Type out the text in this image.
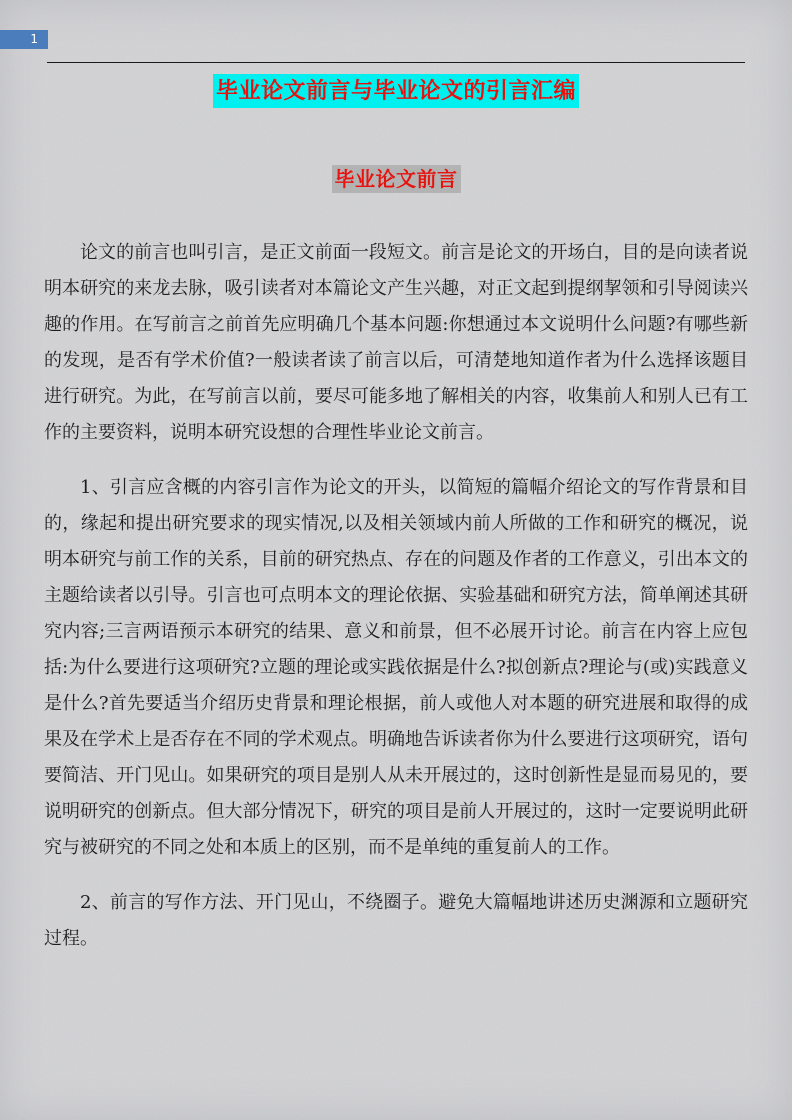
1
毕业论文前言与毕业论文的引言汇编
毕业论文前言

论文的前言也叫引言，是正文前面一段短文。前言是论文的开场白，目的是向读者说明本研究的来龙去脉，吸引读者对本篇论文产生兴趣，对正文起到提纲挈领和引导阅读兴趣的作用。在写前言之前首先应明确几个基本问题:你想通过本文说明什么问题?有哪些新的发现，是否有学术价值?一般读者读了前言以后，可清楚地知道作者为什么选择该题目进行研究。为此，在写前言以前，要尽可能多地了解相关的内容，收集前人和别人已有工作的主要资料，说明本研究设想的合理性毕业论文前言。

1、引言应含概的内容引言作为论文的开头，以简短的篇幅介绍论文的写作背景和目的，缘起和提出研究要求的现实情况,以及相关领域内前人所做的工作和研究的概况，说明本研究与前工作的关系，目前的研究热点、存在的问题及作者的工作意义，引出本文的主题给读者以引导。引言也可点明本文的理论依据、实验基础和研究方法，简单阐述其研究内容;三言两语预示本研究的结果、意义和前景，但不必展开讨论。前言在内容上应包括:为什么要进行这项研究?立题的理论或实践依据是什么?拟创新点?理论与(或)实践意义是什么?首先要适当介绍历史背景和理论根据，前人或他人对本题的研究进展和取得的成果及在学术上是否存在不同的学术观点。明确地告诉读者你为什么要进行这项研究，语句要简洁、开门见山。如果研究的项目是别人从未开展过的，这时创新性是显而易见的，要说明研究的创新点。但大部分情况下，研究的项目是前人开展过的，这时一定要说明此研究与被研究的不同之处和本质上的区别，而不是单纯的重复前人的工作。

2、前言的写作方法、开门见山，不绕圈子。避免大篇幅地讲述历史渊源和立题研究过程。
